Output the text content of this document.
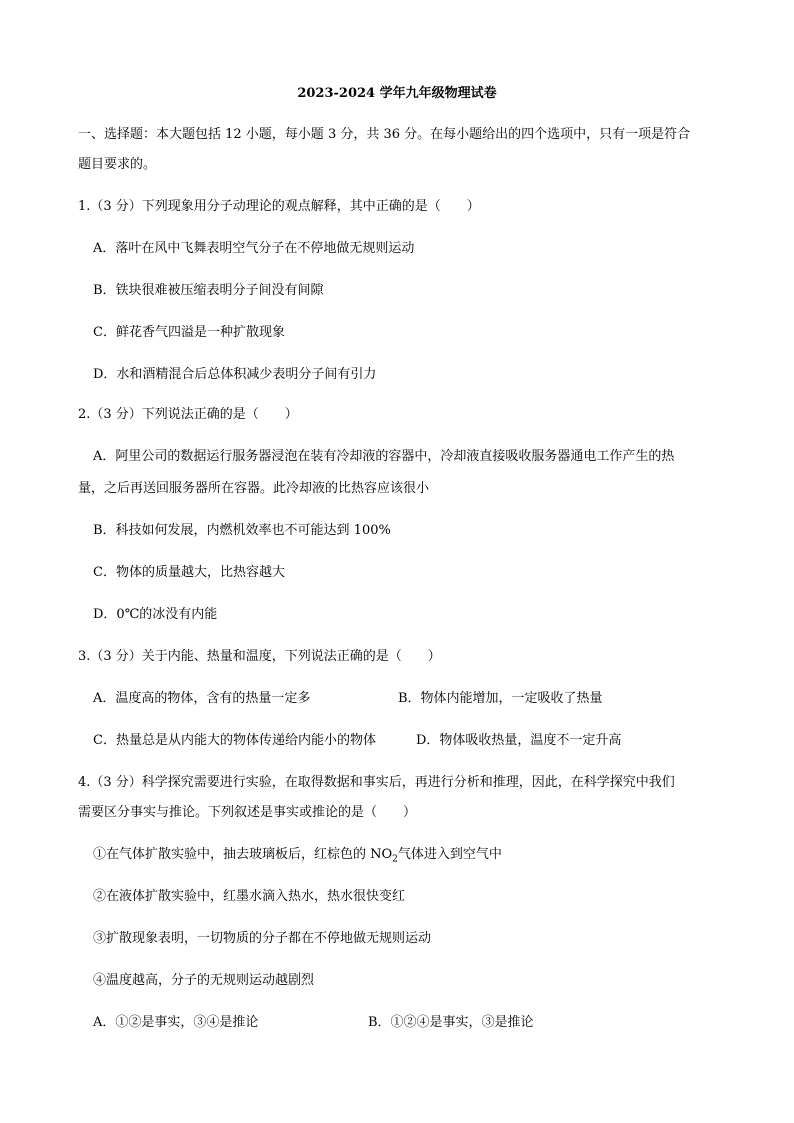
2023-2024 学年九年级物理试卷
一、选择题：本大题包括 12 小题，每小题 3 分，共 36 分。在每小题给出的四个选项中，只有一项是符合
题目要求的。
1.（3 分）下列现象用分子动理论的观点解释，其中正确的是（　　）
A．落叶在风中飞舞表明空气分子在不停地做无规则运动
B．铁块很难被压缩表明分子间没有间隙
C．鲜花香气四溢是一种扩散现象
D．水和酒精混合后总体积减少表明分子间有引力
2.（3 分）下列说法正确的是（　　）
A．阿里公司的数据运行服务器浸泡在装有冷却液的容器中，冷却液直接吸收服务器通电工作产生的热
量，之后再送回服务器所在容器。此冷却液的比热容应该很小
B．科技如何发展，内燃机效率也不可能达到 100%
C．物体的质量越大，比热容越大
D．0℃的冰没有内能
3.（3 分）关于内能、热量和温度，下列说法正确的是（　　）
A．温度高的物体，含有的热量一定多	B．物体内能增加，一定吸收了热量
C．热量总是从内能大的物体传递给内能小的物体	D．物体吸收热量，温度不一定升高
4.（3 分）科学探究需要进行实验，在取得数据和事实后，再进行分析和推理，因此，在科学探究中我们
需要区分事实与推论。下列叙述是事实或推论的是（　　）
①在气体扩散实验中，抽去玻璃板后，红棕色的 $NO_2$气体进入到空气中
②在液体扩散实验中，红墨水滴入热水，热水很快变红
③扩散现象表明，一切物质的分子都在不停地做无规则运动
④温度越高，分子的无规则运动越剧烈
A．①②是事实，③④是推论	B．①②④是事实，③是推论
